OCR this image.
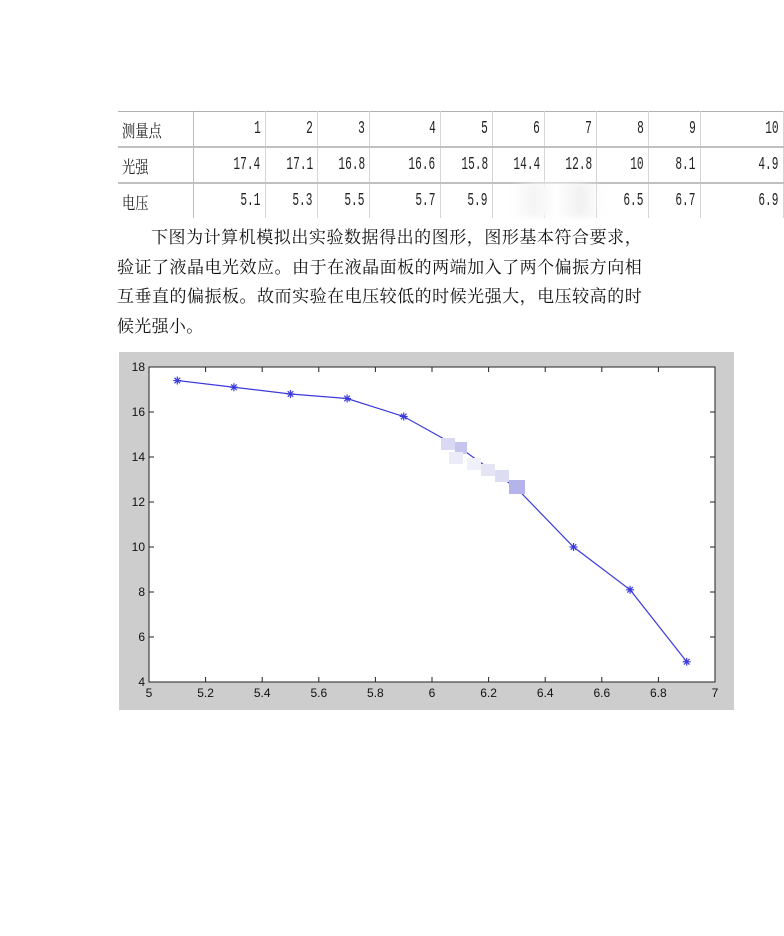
测量点	1	2	3	4	5	6	7	8	9	10
光强	17.4	17.1	16.8	16.6	15.8	14.4	12.8	10	8.1	4.9
电压	5.1	5.3	5.5	5.7	5.9			6.5	6.7	6.9

下图为计算机模拟出实验数据得出的图形，图形基本符合要求，验证了液晶电光效应。由于在液晶面板的两端加入了两个偏振方向相互垂直的偏振板。故而实验在电压较低的时候光强大，电压较高的时候光强小。

5	5.2	5.4	5.6	5.8	6	6.2	6.4	6.6	6.8	7
4
6
8
10
12
14
16
18
